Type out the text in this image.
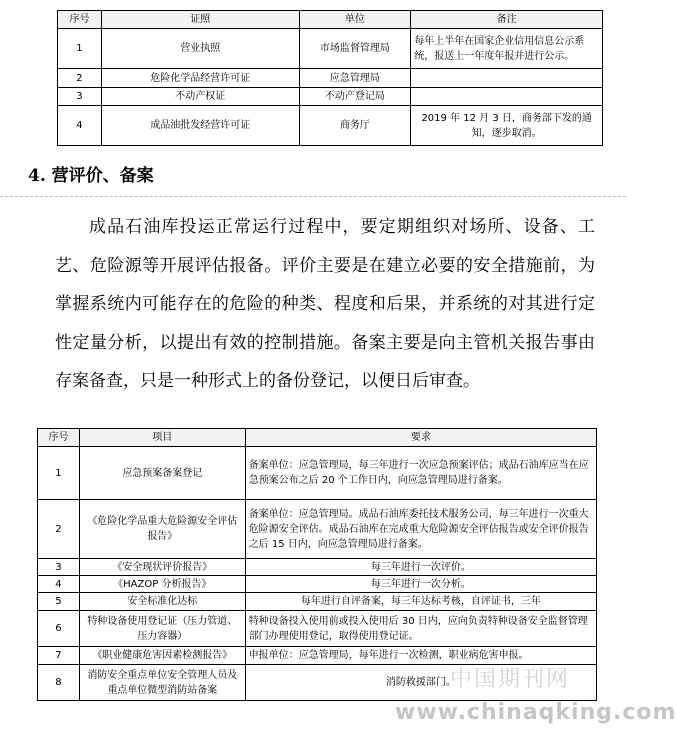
序号	证照	单位	备注
1	营业执照	市场监督管理局	每年上半年在国家企业信用信息公示系统，报送上一年度年报并进行公示。
2	危险化学品经营许可证	应急管理局	
3	不动产权证	不动产登记局	
4	成品油批发经营许可证	商务厅	2019 年 12 月 3 日，商务部下发的通知，逐步取消。
4. 营评价、备案

成品石油库投运正常运行过程中，要定期组织对场所、设备、工艺、危险源等开展评估报备。评价主要是在建立必要的安全措施前，为掌握系统内可能存在的危险的种类、程度和后果，并系统的对其进行定性定量分析，以提出有效的控制措施。备案主要是向主管机关报告事由存案备查，只是一种形式上的备份登记，以便日后审查。

序号	项目	要求
1	应急预案备案登记	备案单位：应急管理局，每三年进行一次应急预案评估；成品石油库应当在应急预案公布之后 20 个工作日内，向应急管理局进行备案。
2	《危险化学品重大危险源安全评估报告》	备案单位：应急管理局。成品石油库委托技术服务公司，每三年进行一次重大危险源安全评估。成品石油库在完成重大危险源安全评估报告或安全评价报告之后 15 日内，向应急管理局进行备案。
3	《安全现状评价报告》	每三年进行一次评价。
4	《HAZOP 分析报告》	每三年进行一次分析。
5	安全标准化达标	每年进行自评备案，每三年达标考核，自评证书，三年
6	特种设备使用登记证（压力管道、压力容器）	特种设备投入使用前或投入使用后 30 日内，应向负责特种设备安全监督管理部门办理使用登记，取得使用登记证。
7	《职业健康危害因素检测报告》	申报单位：应急管理局，每年进行一次检测，职业病危害申报。
8	消防安全重点单位安全管理人员及重点单位微型消防站备案	消防救援部门。
中国期刊网
www.chinaqking.com
